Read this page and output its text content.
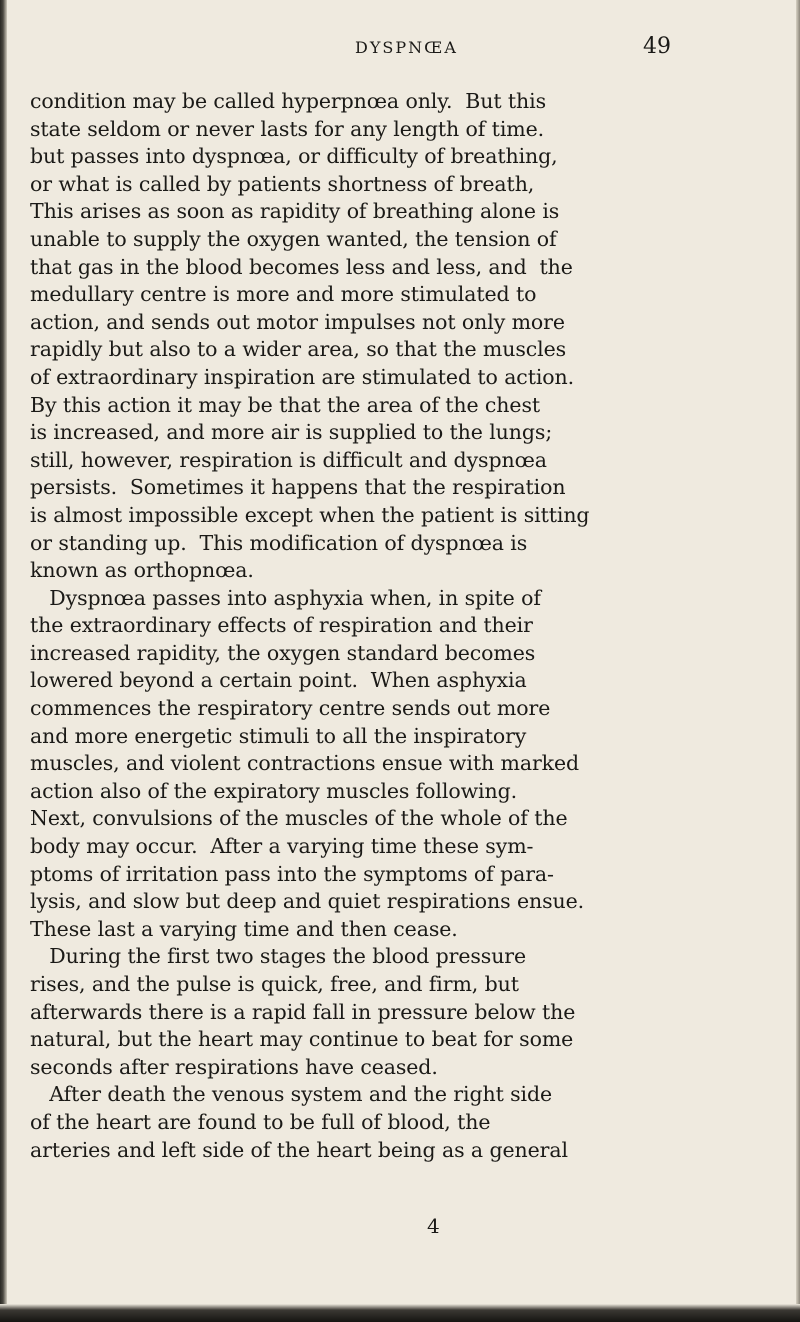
DYSPNŒA	49
condition may be called hyperpnœa only.  But this
state seldom or never lasts for any length of time.
but passes into dyspnœa, or difficulty of breathing,
or what is called by patients shortness of breath,
This arises as soon as rapidity of breathing alone is
unable to supply the oxygen wanted, the tension of
that gas in the blood becomes less and less, and  the
medullary centre is more and more stimulated to
action, and sends out motor impulses not only more
rapidly but also to a wider area, so that the muscles
of extraordinary inspiration are stimulated to action.
By this action it may be that the area of the chest
is increased, and more air is supplied to the lungs;
still, however, respiration is difficult and dyspnœa
persists.  Sometimes it happens that the respiration
is almost impossible except when the patient is sitting
or standing up.  This modification of dyspnœa is
known as orthopnœa.
Dyspnœa passes into asphyxia when, in spite of
the extraordinary effects of respiration and their
increased rapidity, the oxygen standard becomes
lowered beyond a certain point.  When asphyxia
commences the respiratory centre sends out more
and more energetic stimuli to all the inspiratory
muscles, and violent contractions ensue with marked
action also of the expiratory muscles following.
Next, convulsions of the muscles of the whole of the
body may occur.  After a varying time these sym-
ptoms of irritation pass into the symptoms of para-
lysis, and slow but deep and quiet respirations ensue.
These last a varying time and then cease.
During the first two stages the blood pressure
rises, and the pulse is quick, free, and firm, but
afterwards there is a rapid fall in pressure below the
natural, but the heart may continue to beat for some
seconds after respirations have ceased.
After death the venous system and the right side
of the heart are found to be full of blood, the
arteries and left side of the heart being as a general
4
